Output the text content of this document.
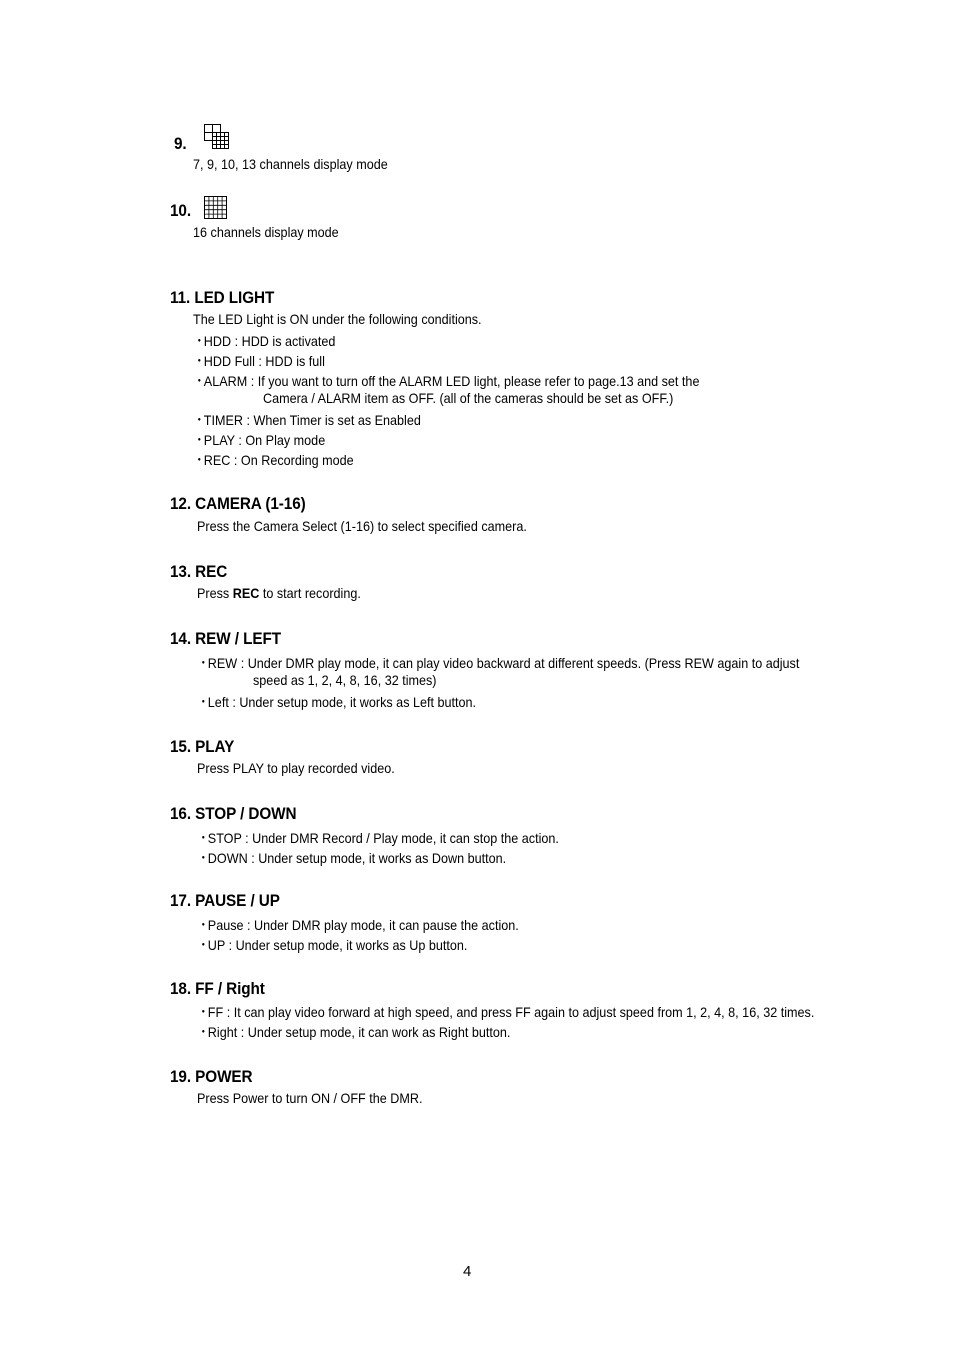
9.
7, 9, 10, 13 channels display mode
10.
16 channels display mode
11. LED LIGHT
The LED Light is ON under the following conditions.
・HDD : HDD is activated
・HDD Full : HDD is full
・ALARM : If you want to turn off the ALARM LED light, please refer to page.13 and set the
Camera / ALARM item as OFF. (all of the cameras should be set as OFF.)
・TIMER : When Timer is set as Enabled
・PLAY : On Play mode
・REC : On Recording mode
12. CAMERA (1-16)
Press the Camera Select (1-16) to select specified camera.
13. REC
Press REC to start recording.
14. REW / LEFT
・REW : Under DMR play mode, it can play video backward at different speeds. (Press REW again to adjust
speed as 1, 2, 4, 8, 16, 32 times)
・Left : Under setup mode, it works as Left button.
15. PLAY
Press PLAY to play recorded video.
16. STOP / DOWN
・STOP : Under DMR Record / Play mode, it can stop the action.
・DOWN : Under setup mode, it works as Down button.
17. PAUSE / UP
・Pause : Under DMR play mode, it can pause the action.
・UP : Under setup mode, it works as Up button.
18. FF / Right
・FF : It can play video forward at high speed, and press FF again to adjust speed from 1, 2, 4, 8, 16, 32 times.
・Right : Under setup mode, it can work as Right button.
19. POWER
Press Power to turn ON / OFF the DMR.
4
